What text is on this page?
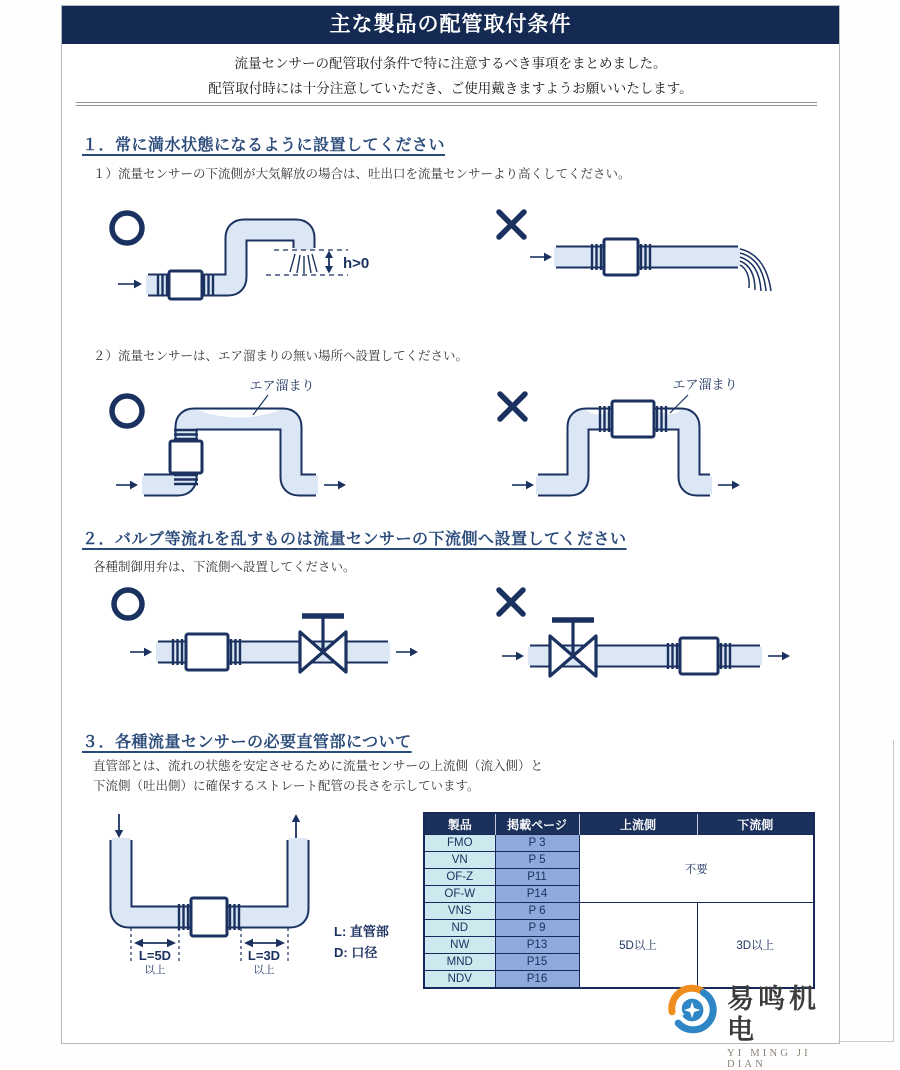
主な製品の配管取付条件
流量センサーの配管取付条件で特に注意するべき事項をまとめました。
配管取付時には十分注意していただき、ご使用戴きますようお願いいたします。
１．常に満水状態になるように設置してください
１）流量センサーの下流側が大気解放の場合は、吐出口を流量センサーより高くしてください。
h>0
２）流量センサーは、エア溜まりの無い場所へ設置してください。
エア溜まり	エア溜まり
２．バルブ等流れを乱すものは流量センサーの下流側へ設置してください
各種制御用弁は、下流側へ設置してください。
３．各種流量センサーの必要直管部について
直管部とは、流れの状態を安定させるために流量センサーの上流側（流入側）と
下流側（吐出側）に確保するストレート配管の長さを示しています。
L=5D
以上
L=3D
以上
L: 直管部
D: 口径
製品	掲載ページ	上流側	下流側
FMO	P 3	不要	
VN	P 5		
OF-Z	P11		
OF-W	P14		
VNS	P 6	5D以上	3D以上
ND	P 9		
NW	P13		
MND	P15		
NDV	P16		
易鸣机电
YI MING JI DIAN
